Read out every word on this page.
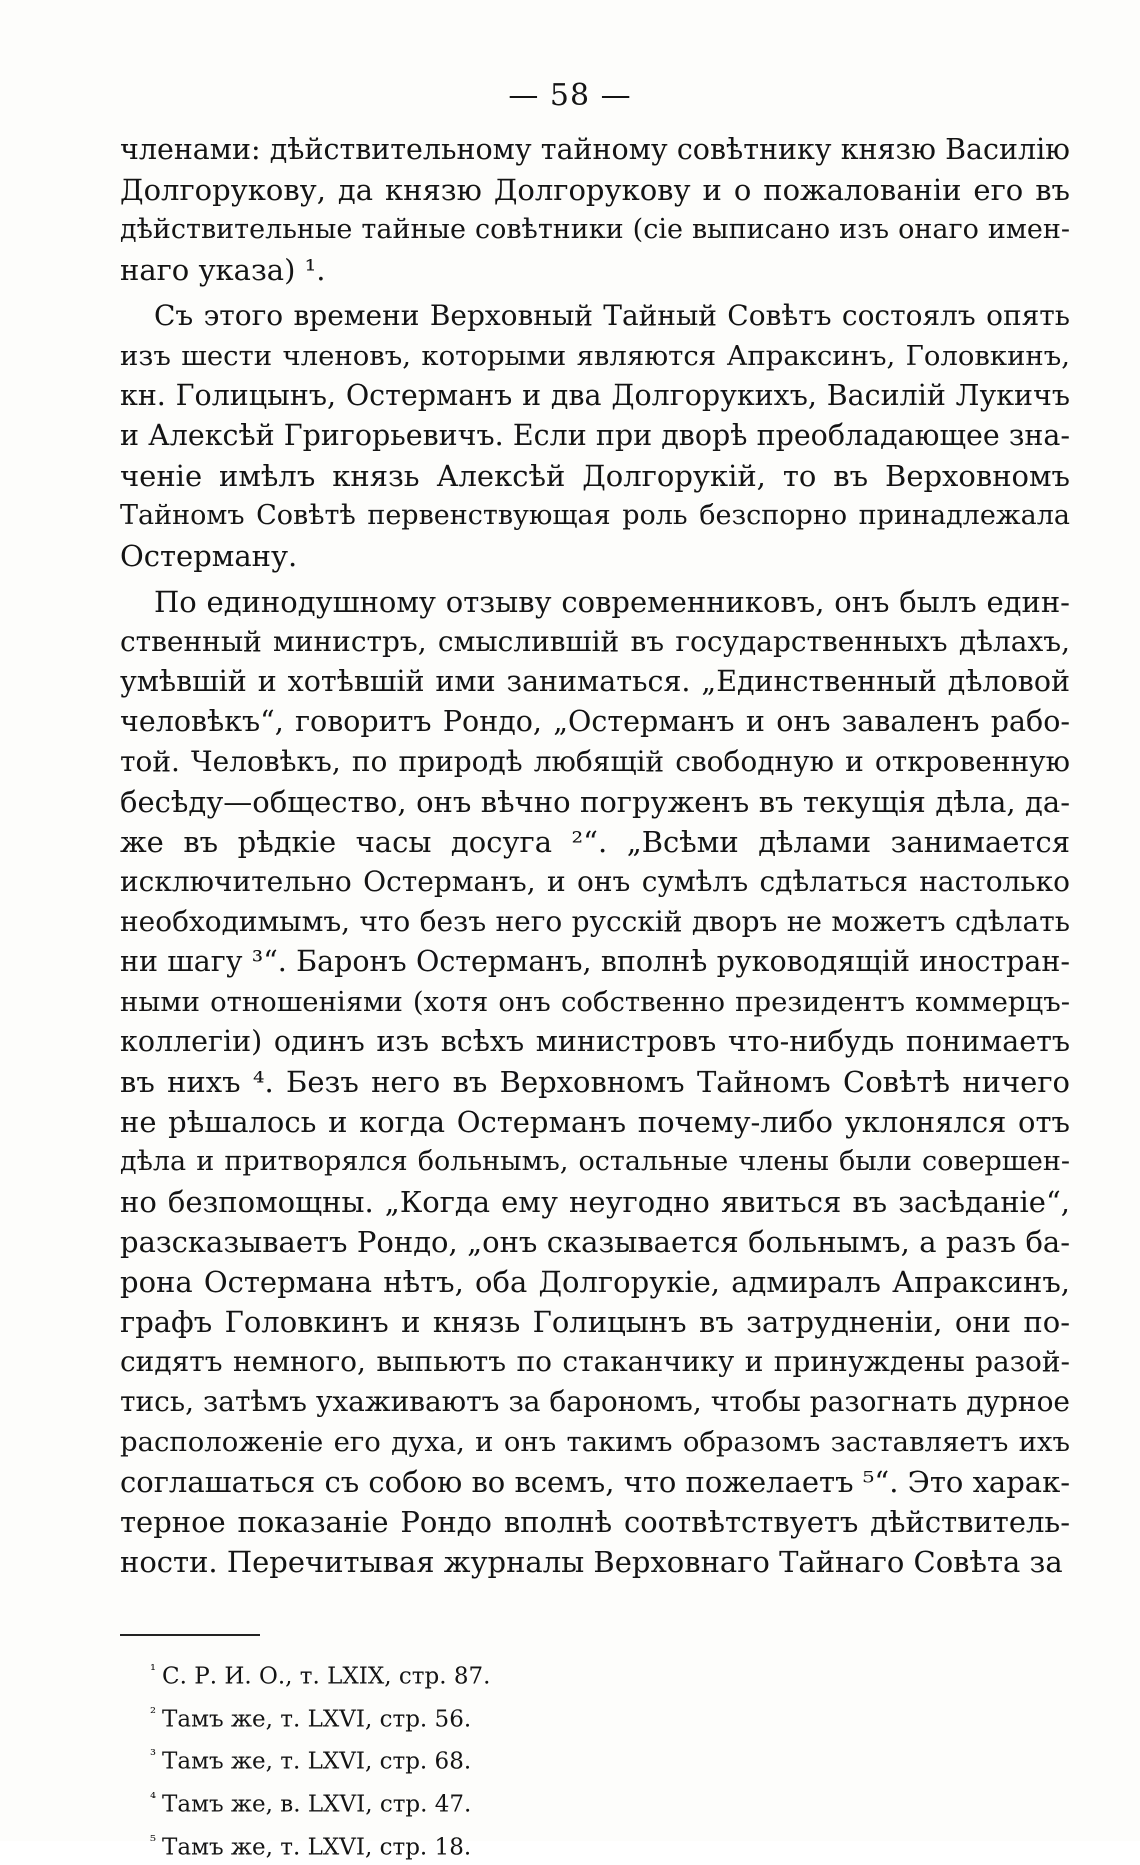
— 58 —
членами: дѣйствительному тайному совѣтнику князю Василію
Долгорукову, да князю Долгорукову и о пожалованіи его въ
дѣйствительные тайные совѣтники (сіе выписано изъ онаго имен-
наго указа) ¹.
Съ этого времени Верховный Тайный Совѣтъ состоялъ опять
изъ шести членовъ, которыми являются Апраксинъ, Головкинъ,
кн. Голицынъ, Остерманъ и два Долгорукихъ, Василій Лукичъ
и Алексѣй Григорьевичъ. Если при дворѣ преобладающее зна-
ченіе имѣлъ князь Алексѣй Долгорукій, то въ Верховномъ
Тайномъ Совѣтѣ первенствующая роль безспорно принадлежала
Остерману.
По единодушному отзыву современниковъ, онъ былъ един-
ственный министръ, смыслившій въ государственныхъ дѣлахъ,
умѣвшій и хотѣвшій ими заниматься. „Единственный дѣловой
человѣкъ“, говоритъ Рондо, „Остерманъ и онъ заваленъ рабо-
той. Человѣкъ, по природѣ любящій свободную и откровенную
бесѣду—общество, онъ вѣчно погруженъ въ текущія дѣла, да-
же въ рѣдкіе часы досуга ²“. „Всѣми дѣлами занимается
исключительно Остерманъ, и онъ сумѣлъ сдѣлаться настолько
необходимымъ, что безъ него русскій дворъ не можетъ сдѣлать
ни шагу ³“. Баронъ Остерманъ, вполнѣ руководящій иностран-
ными отношеніями (хотя онъ собственно президентъ коммерцъ-
коллегіи) одинъ изъ всѣхъ министровъ что-нибудь понимаетъ
въ нихъ ⁴. Безъ него въ Верховномъ Тайномъ Совѣтѣ ничего
не рѣшалось и когда Остерманъ почему-либо уклонялся отъ
дѣла и притворялся больнымъ, остальные члены были совершен-
но безпомощны. „Когда ему неугодно явиться въ засѣданіе“,
разсказываетъ Рондо, „онъ сказывается больнымъ, а разъ ба-
рона Остермана нѣтъ, оба Долгорукіе, адмиралъ Апраксинъ,
графъ Головкинъ и князь Голицынъ въ затрудненіи, они по-
сидятъ немного, выпьютъ по стаканчику и принуждены разой-
тись, затѣмъ ухаживаютъ за барономъ, чтобы разогнать дурное
расположеніе его духа, и онъ такимъ образомъ заставляетъ ихъ
соглашаться съ собою во всемъ, что пожелаетъ ⁵“. Это харак-
терное показаніе Рондо вполнѣ соотвѣтствуетъ дѣйствитель-
ности. Перечитывая журналы Верховнаго Тайнаго Совѣта за
$^{^1}$ С. Р. И. О., т. LXIX, стр. 87.
$^{^2}$ Тамъ же, т. LXVI, стр. 56.
$^{^3}$ Тамъ же, т. LXVI, стр. 68.
$^{^4}$ Тамъ же, в. LXVI, стр. 47.
$^{^5}$ Тамъ же, т. LXVI, стр. 18.
